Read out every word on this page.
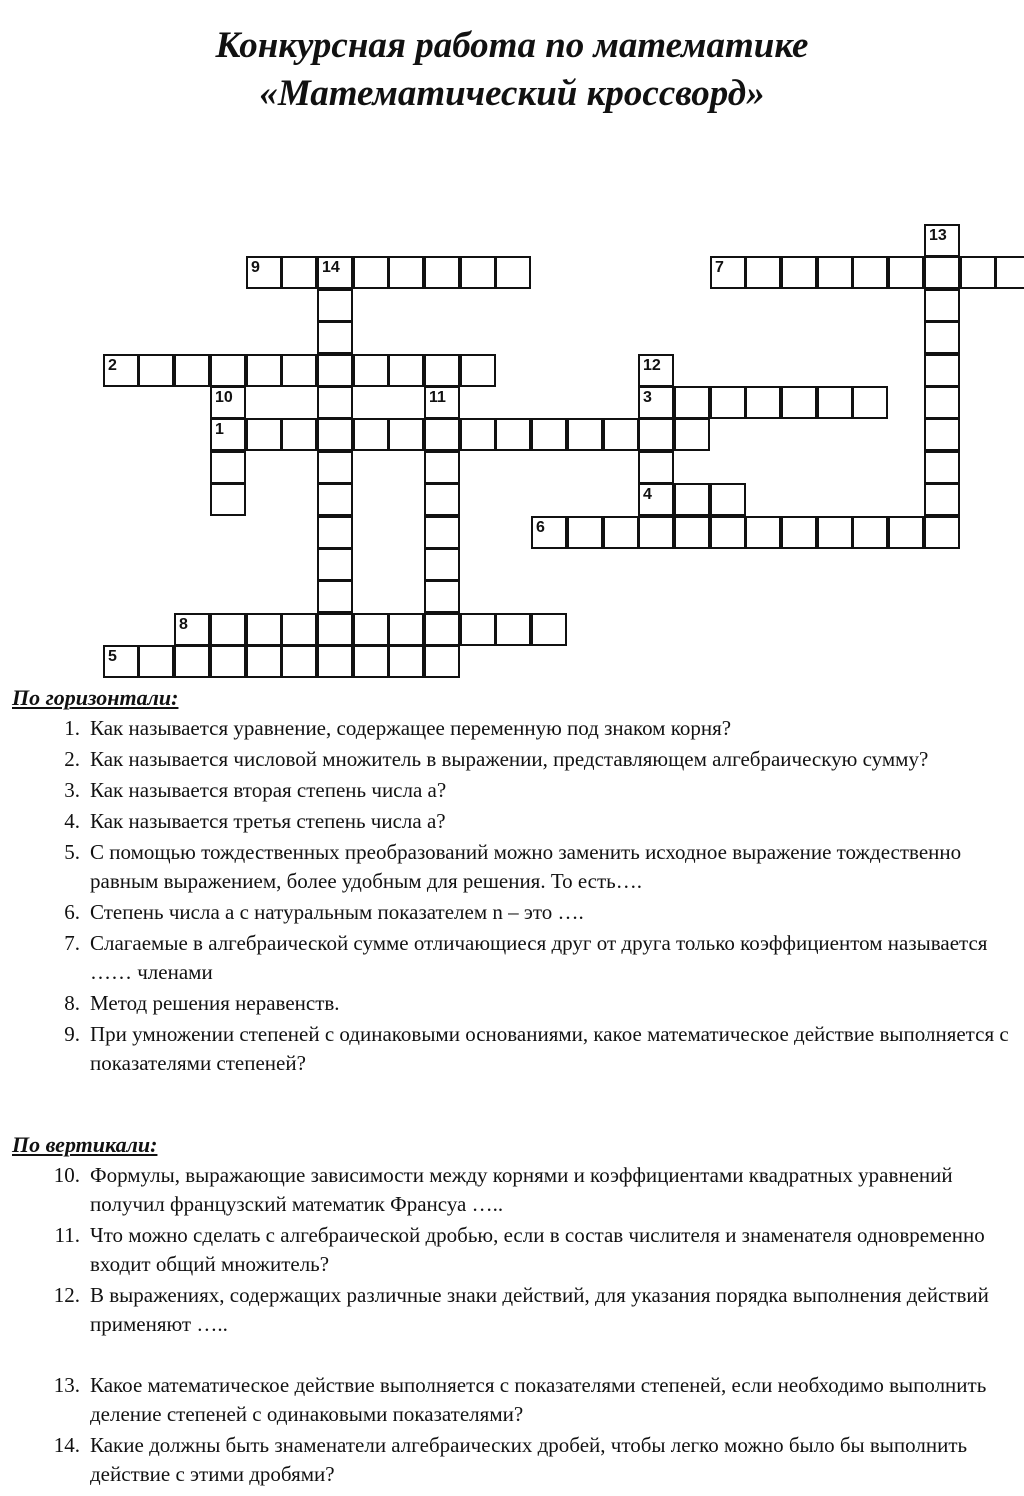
Конкурсная работа по математике
«Математический кроссворд»
1
2
3
4
5
6
7
8
9	14
10	11
12
13
По горизонтали:
1. Как называется уравнение, содержащее переменную под знаком корня?
2. Как называется числовой множитель в выражении, представляющем алгебраическую сумму?
3. Как называется вторая степень числа а?
4. Как называется третья степень числа а?
5. С помощью тождественных преобразований можно заменить исходное выражение тождественно равным выражением, более удобным для решения. То есть….
6. Степень числа а с натуральным показателем n – это ….
7. Слагаемые в алгебраической сумме отличающиеся друг от друга только коэффициентом называется …… членами
8. Метод решения неравенств.
9. При умножении степеней с одинаковыми основаниями, какое математическое действие выполняется с показателями степеней?
По вертикали:
10. Формулы, выражающие зависимости между корнями и коэффициентами квадратных уравнений получил французский математик Франсуа …..
11. Что можно сделать с алгебраической дробью, если в состав числителя и знаменателя одновременно входит общий множитель?
12. В выражениях, содержащих различные знаки действий, для указания порядка выполнения действий применяют …..
13. Какое математическое действие выполняется с показателями степеней, если необходимо выполнить деление степеней с одинаковыми показателями?
14. Какие должны быть знаменатели алгебраических дробей, чтобы легко можно было бы выполнить действие с этими дробями?
